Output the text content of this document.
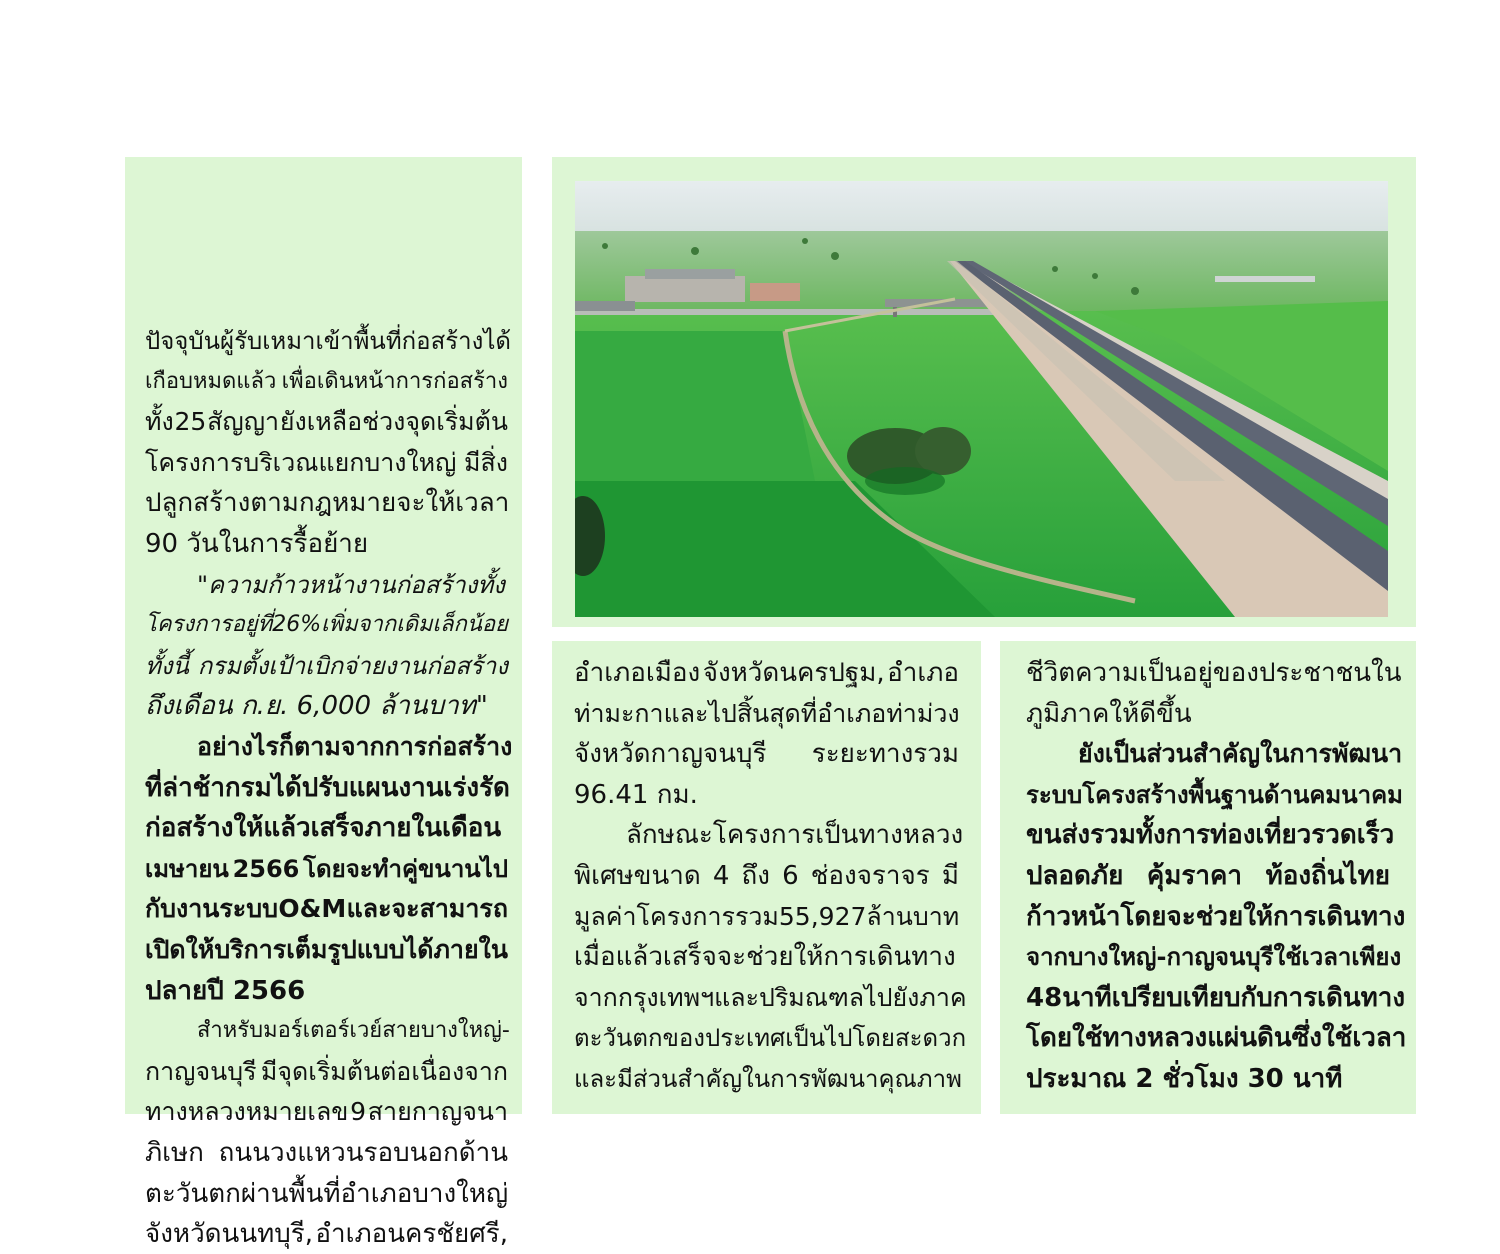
ปัจจุบันผู้รับเหมาเข้าพื้นที่ก่อสร้างได้
เกือบหมดแล้ว เพื่อเดินหน้าการก่อสร้าง
ทั้ง 25 สัญญา ยังเหลือช่วงจุดเริ่มต้น
โครงการบริเวณแยกบางใหญ่ มีสิ่ง
ปลูกสร้าง ตามกฎหมายจะให้เวลา
90 วันในการรื้อย้าย
"ความก้าวหน้างานก่อสร้างทั้ง
โครงการอยู่ที่ 26% เพิ่มจากเดิมเล็กน้อย
ทั้งนี้ กรมตั้งเป้าเบิกจ่ายงานก่อสร้าง
ถึงเดือน ก.ย. 6,000 ล้านบาท"
อย่างไรก็ตาม จากการก่อสร้าง
ที่ล่าช้า กรมได้ปรับแผนงานเร่งรัด
ก่อสร้างให้แล้วเสร็จภายในเดือน
เมษายน 2566 โดยจะทำคู่ขนานไป
กับงานระบบ O&M และจะสามารถ
เปิดให้บริการเต็มรูปแบบได้ภายใน
ปลายปี 2566
สำหรับมอร์เตอร์เวย์สายบางใหญ่-
กาญจนบุรี มีจุดเริ่มต้นต่อเนื่องจาก
ทางหลวงหมายเลข 9 สายกาญจนา
ภิเษก ถนนวงแหวนรอบนอกด้าน
ตะวันตก ผ่านพื้นที่อำเภอบางใหญ่
จังหวัดนนทบุรี, อำเภอนครชัยศรี,
อำเภอเมือง จังหวัดนครปฐม, อำเภอ
ท่ามะกา และไปสิ้นสุดที่อำเภอท่าม่วง
จังหวัดกาญจนบุรี ระยะทางรวม
96.41 กม.
ลักษณะโครงการเป็นทางหลวง
พิเศษขนาด 4 ถึง 6 ช่องจราจร มี
มูลค่าโครงการรวม 55,927 ล้านบาท
เมื่อแล้วเสร็จจะช่วยให้การเดินทาง
จากกรุงเทพฯและปริมณฑลไปยังภาค
ตะวันตกของประเทศ เป็นไปโดยสะดวก
และมีส่วนสำคัญในการพัฒนาคุณภาพ
ชีวิตความเป็นอยู่ของประชาชนใน
ภูมิภาคให้ดีขึ้น
ยังเป็นส่วนสำคัญในการพัฒนา
ระบบโครงสร้างพื้นฐาน ด้านคมนาคม
ขนส่ง รวมทั้งการท่องเที่ยว รวดเร็ว
ปลอดภัย คุ้มราคา ท้องถิ่นไทย
ก้าวหน้า โดยจะช่วยให้การเดินทาง
จากบางใหญ่-กาญจนบุรี ใช้เวลาเพียง
48 นาที เปรียบเทียบกับการเดินทาง
โดยใช้ทางหลวงแผ่นดินซึ่งใช้เวลา
ประมาณ 2 ชั่วโมง 30 นาที
